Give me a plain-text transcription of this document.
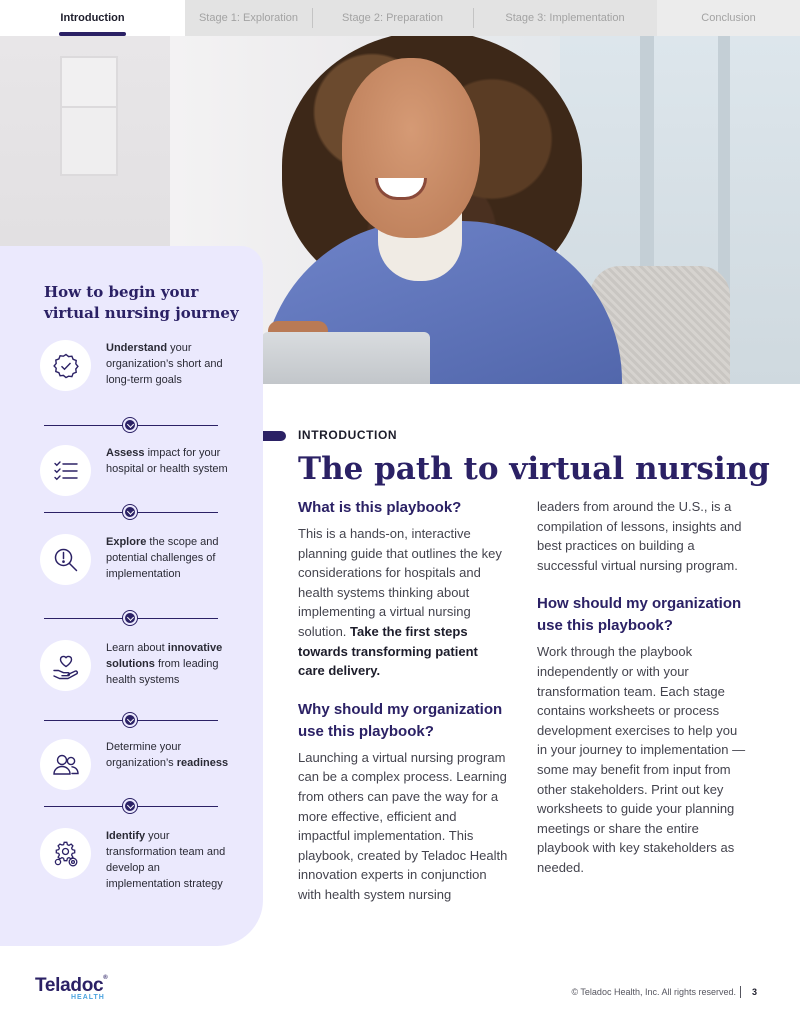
Introduction	Stage 1: Exploration	Stage 2: Preparation	Stage 3: Implementation	Conclusion
How to begin your virtual nursing journey
Understand your organization’s short and long-term goals
Assess impact for your hospital or health system
Explore the scope and potential challenges of implementation
Learn about innovative solutions from leading health systems
Determine your organization’s readiness
Identify your transformation team and develop an implementation strategy
INTRODUCTION
The path to virtual nursing
What is this playbook?

This is a hands-on, interactive planning guide that outlines the key considerations for hospitals and health systems thinking about implementing a virtual nursing solution. Take the first steps towards transforming patient care delivery.

Why should my organization use this playbook?

Launching a virtual nursing program can be a complex process. Learning from others can pave the way for a more effective, efficient and impactful implementation. This playbook, created by Teladoc Health innovation experts in conjunction with health system nursing

leaders from around the U.S., is a compilation of lessons, insights and best practices on building a successful virtual nursing program.

How should my organization use this playbook?

Work through the playbook independently or with your transformation team. Each stage contains worksheets or process development exercises to help you in your journey to implementation — some may benefit from input from other stakeholders. Print out key worksheets to guide your planning meetings or share the entire playbook with key stakeholders as needed.

Teladoc®
HEALTH
© Teladoc Health, Inc. All rights reserved. 3
